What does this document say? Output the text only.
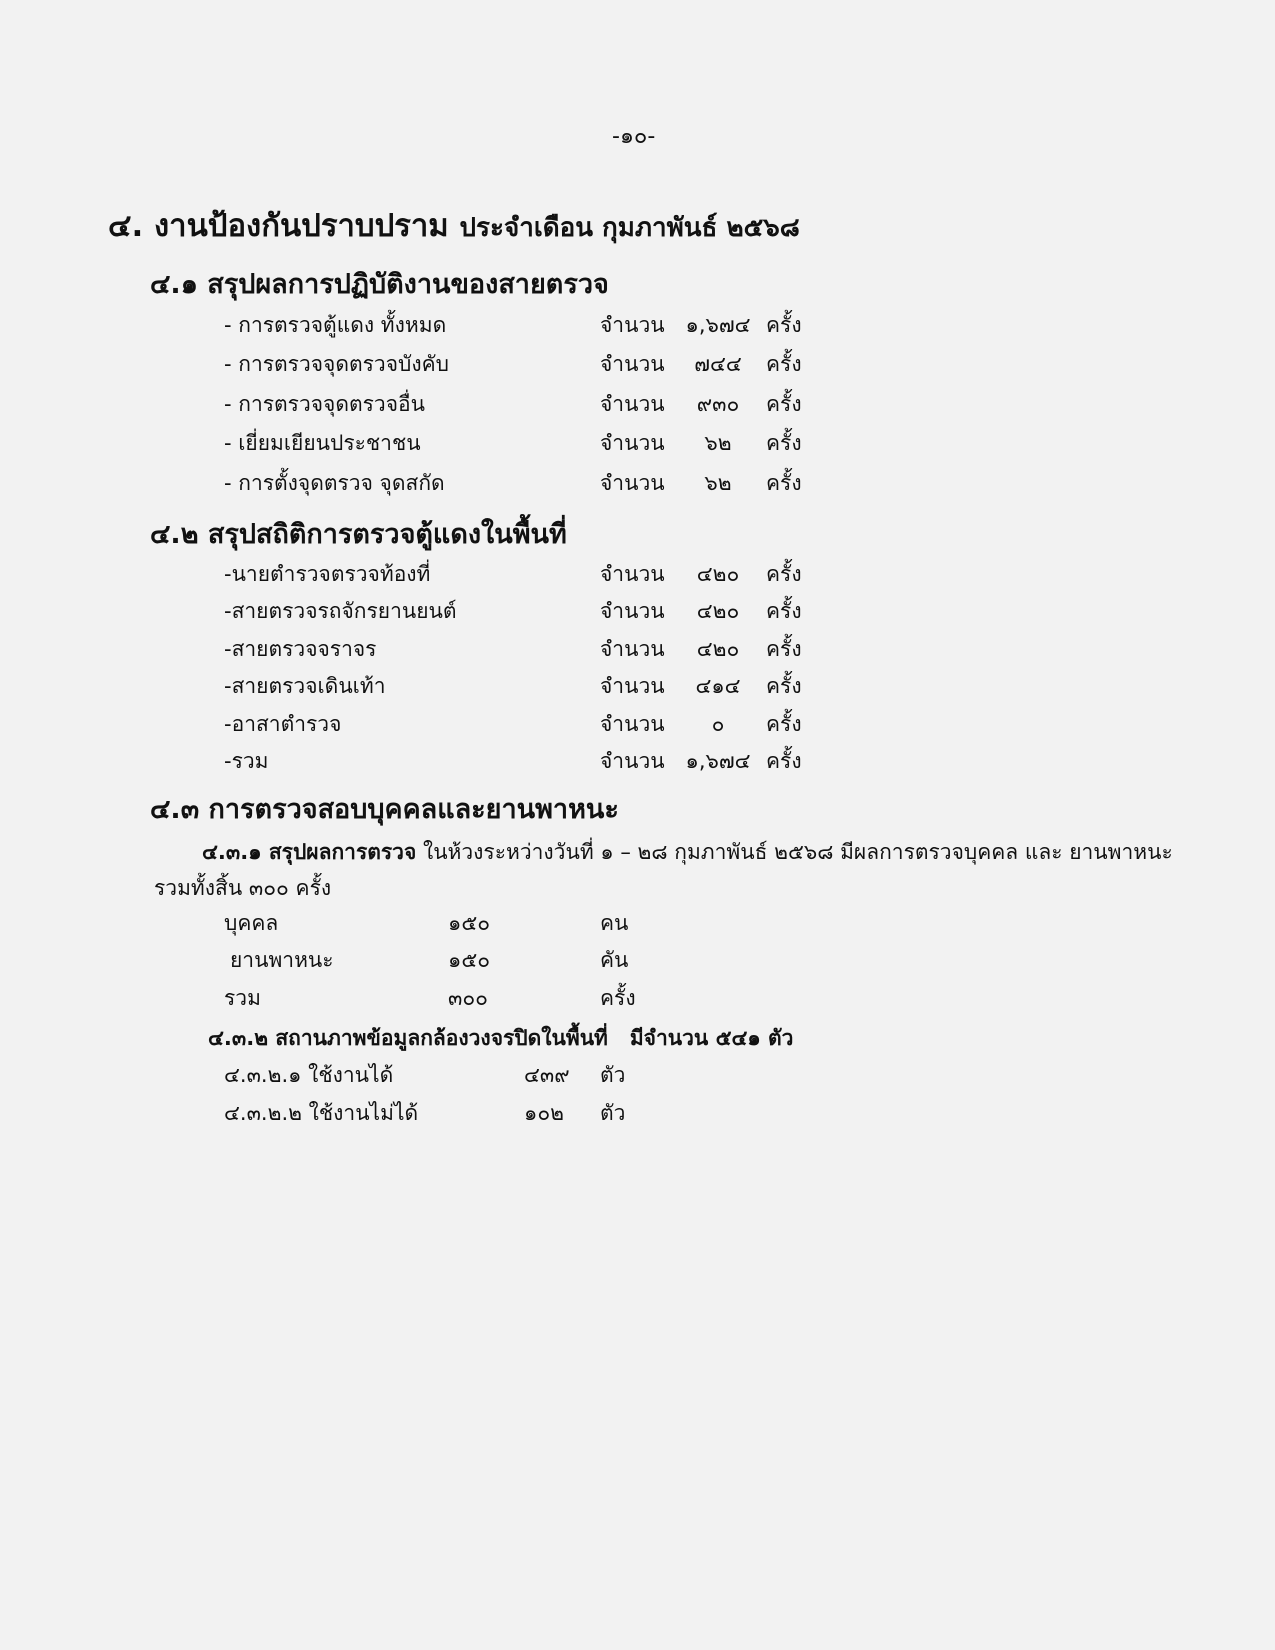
-๑๐-
๔. งานป้องกันปราบปราม ประจำเดือน กุมภาพันธ์ ๒๕๖๘
๔.๑ สรุปผลการปฏิบัติงานของสายตรวจ
- การตรวจตู้แดง ทั้งหมด	จำนวน ๑,๖๗๔ ครั้ง
- การตรวจจุดตรวจบังคับ	จำนวน	๗๔๔	ครั้ง
- การตรวจจุดตรวจอื่น	จำนวน	๙๓๐	ครั้ง
- เยี่ยมเยียนประชาชน	จำนวน	๖๒	ครั้ง
- การตั้งจุดตรวจ จุดสกัด	จำนวน	๖๒	ครั้ง
๔.๒ สรุปสถิติการตรวจตู้แดงในพื้นที่
-นายตำรวจตรวจท้องที่	จำนวน	๔๒๐	ครั้ง
-สายตรวจรถจักรยานยนต์	จำนวน	๔๒๐	ครั้ง
-สายตรวจจราจร	จำนวน	๔๒๐	ครั้ง
-สายตรวจเดินเท้า	จำนวน	๔๑๔	ครั้ง
-อาสาตำรวจ	จำนวน	๐	ครั้ง
-รวม	จำนวน ๑,๖๗๔ ครั้ง
๔.๓ การตรวจสอบบุคคลและยานพาหนะ
๔.๓.๑ สรุปผลการตรวจ ในห้วงระหว่างวันที่ ๑ – ๒๘ กุมภาพันธ์ ๒๕๖๘ มีผลการตรวจบุคคล และ ยานพาหนะ
รวมทั้งสิ้น ๓๐๐ ครั้ง
บุคคล	๑๕๐	คน
ยานพาหนะ	๑๕๐	คัน
รวม	๓๐๐	ครั้ง
๔.๓.๒ สถานภาพข้อมูลกล้องวงจรปิดในพื้นที่ มีจำนวน ๕๔๑ ตัว
๔.๓.๒.๑ ใช้งานได้	๔๓๙ ตัว
๔.๓.๒.๒ ใช้งานไม่ได้	๑๐๒ ตัว
